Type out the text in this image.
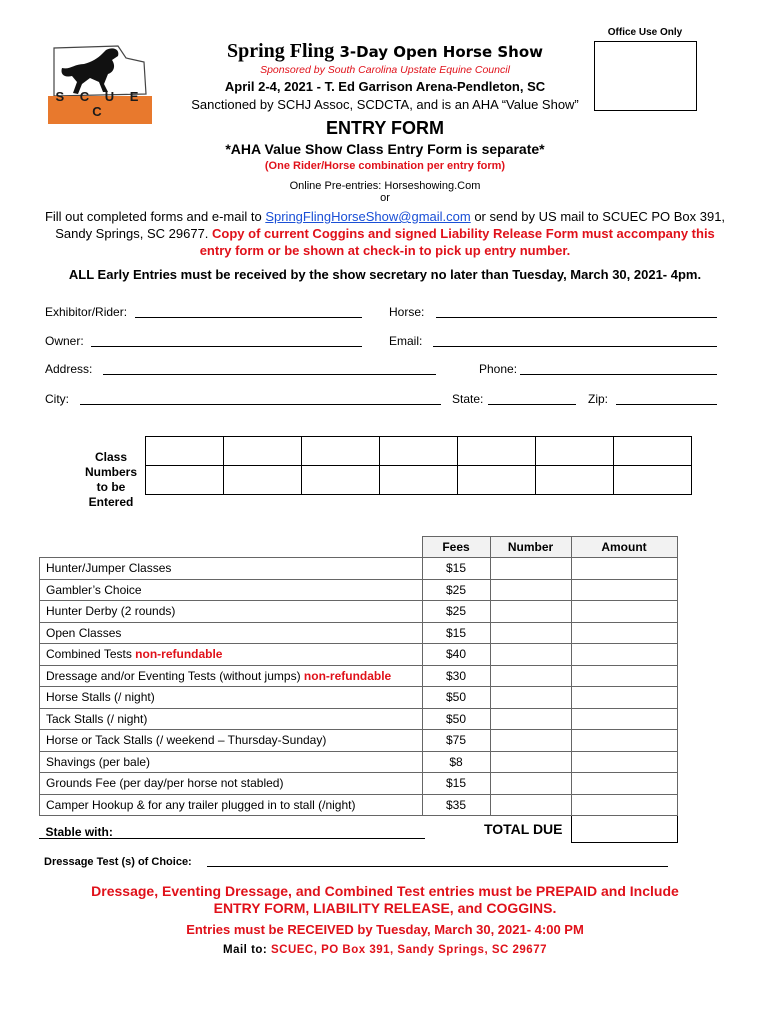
S C U E C
Office Use Only
Spring Fling 3-Day Open Horse Show
Sponsored by South Carolina Upstate Equine Council
April 2-4, 2021 - T. Ed Garrison Arena-Pendleton, SC
Sanctioned by SCHJ Assoc, SCDCTA, and is an AHA “Value Show”
ENTRY FORM
*AHA Value Show Class Entry Form is separate*
(One Rider/Horse combination per entry form)
Online Pre-entries: Horseshowing.Com
or
Fill out completed forms and e-mail to SpringFlingHorseShow@gmail.com or send by US mail to SCUEC PO Box 391, Sandy Springs, SC 29677. Copy of current Coggins and signed Liability Release Form must accompany this entry form or be shown at check-in to pick up entry number.
ALL Early Entries must be received by the show secretary no later than Tuesday, March 30, 2021- 4pm.
Exhibitor/Rider:	Horse:
Owner:	Email:
Address:	Phone:
City:	State:	Zip:
Class
Numbers
to be
Entered

	Fees	Number	Amount
Hunter/Jumper Classes	$15		
Gambler’s Choice	$25		
Hunter Derby (2 rounds)	$25		
Open Classes	$15		
Combined Tests non-refundable	$40		
Dressage and/or Eventing Tests (without jumps) non-refundable	$30		
Horse Stalls (/ night)	$50		
Tack Stalls (/ night)	$50		
Horse or Tack Stalls (/ weekend – Thursday-Sunday)	$75		
Shavings (per bale)	$8		
Grounds Fee (per day/per horse not stabled)	$15		
Camper Hookup & for any trailer plugged in to stall (/night)	$35		
Stable with:	TOTAL DUE		
Dressage Test (s) of Choice:
Dressage, Eventing Dressage, and Combined Test entries must be PREPAID and Include ENTRY FORM, LIABILITY RELEASE, and COGGINS.
Entries must be RECEIVED by Tuesday, March 30, 2021- 4:00 PM
Mail to: SCUEC, PO Box 391, Sandy Springs, SC 29677
